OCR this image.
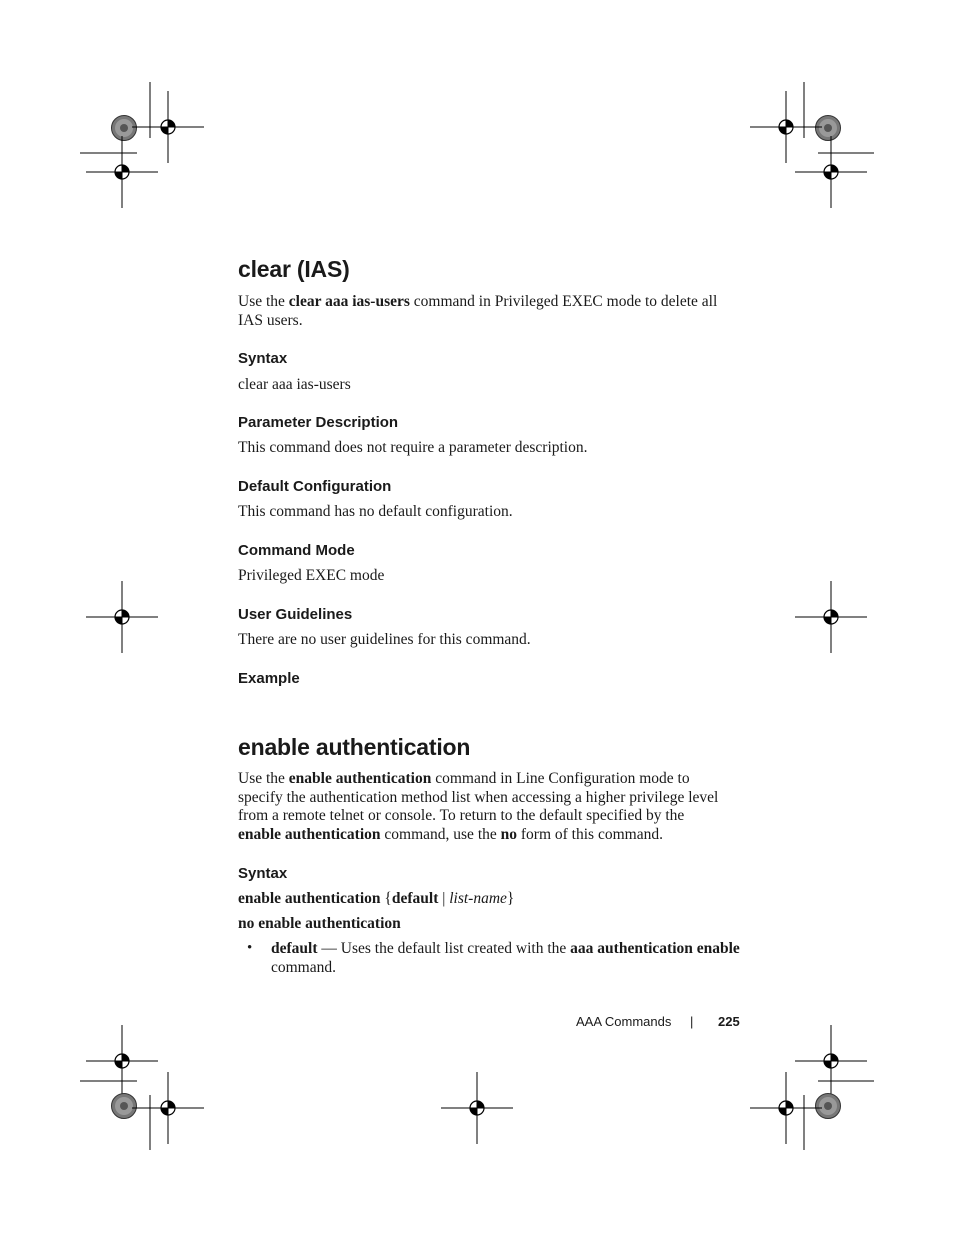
clear (IAS)
Use the clear aaa ias-users command in Privileged EXEC mode to delete all
IAS users.
Syntax
clear aaa ias-users
Parameter Description
This command does not require a parameter description.
Default Configuration
This command has no default configuration.
Command Mode
Privileged EXEC mode
User Guidelines
There are no user guidelines for this command.
Example
enable authentication
Use the enable authentication command in Line Configuration mode to
specify the authentication method list when accessing a higher privilege level
from a remote telnet or console. To return to the default specified by the
enable authentication command, use the no form of this command.
Syntax
enable authentication {default | list-name}
no enable authentication
• default — Uses the default list created with the aaa authentication enable
command.
AAA Commands | 225
